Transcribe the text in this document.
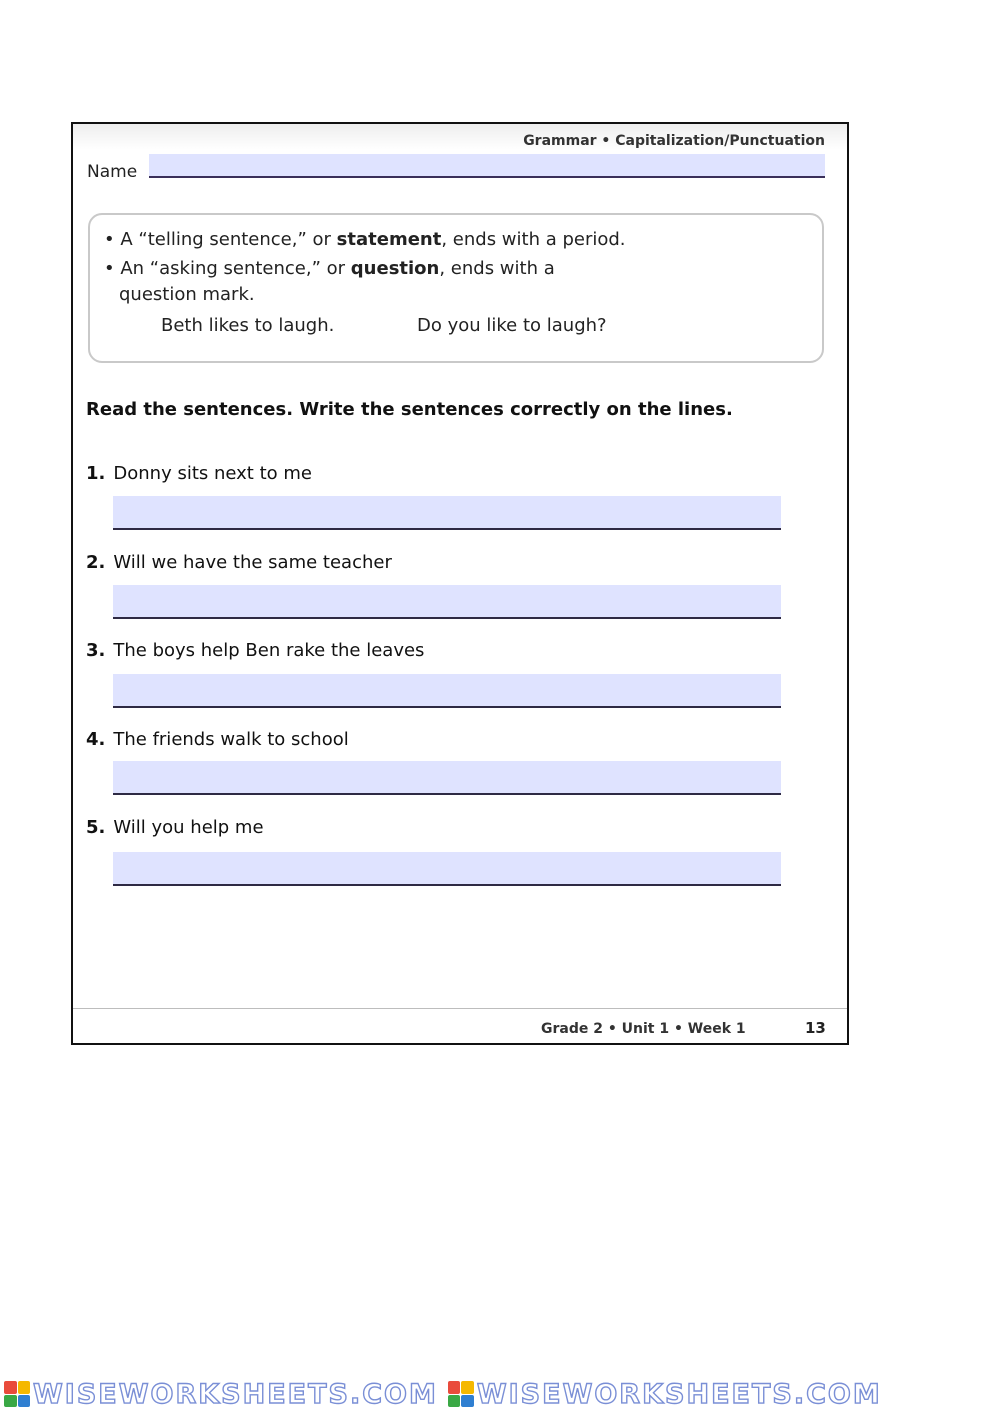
Grammar • Capitalization/Punctuation
Name
• A “telling sentence,” or statement, ends with a period.
• An “asking sentence,” or question, ends with a
question mark.
Beth likes to laugh.	Do you like to laugh?
Read the sentences. Write the sentences correctly on the lines.
1. Donny sits next to me
2. Will we have the same teacher
3. The boys help Ben rake the leaves
4. The friends walk to school
5. Will you help me
Grade 2 • Unit 1 • Week 1	13
WISEWORKSHEETS.COM WISEWORKSHEETS.COM
